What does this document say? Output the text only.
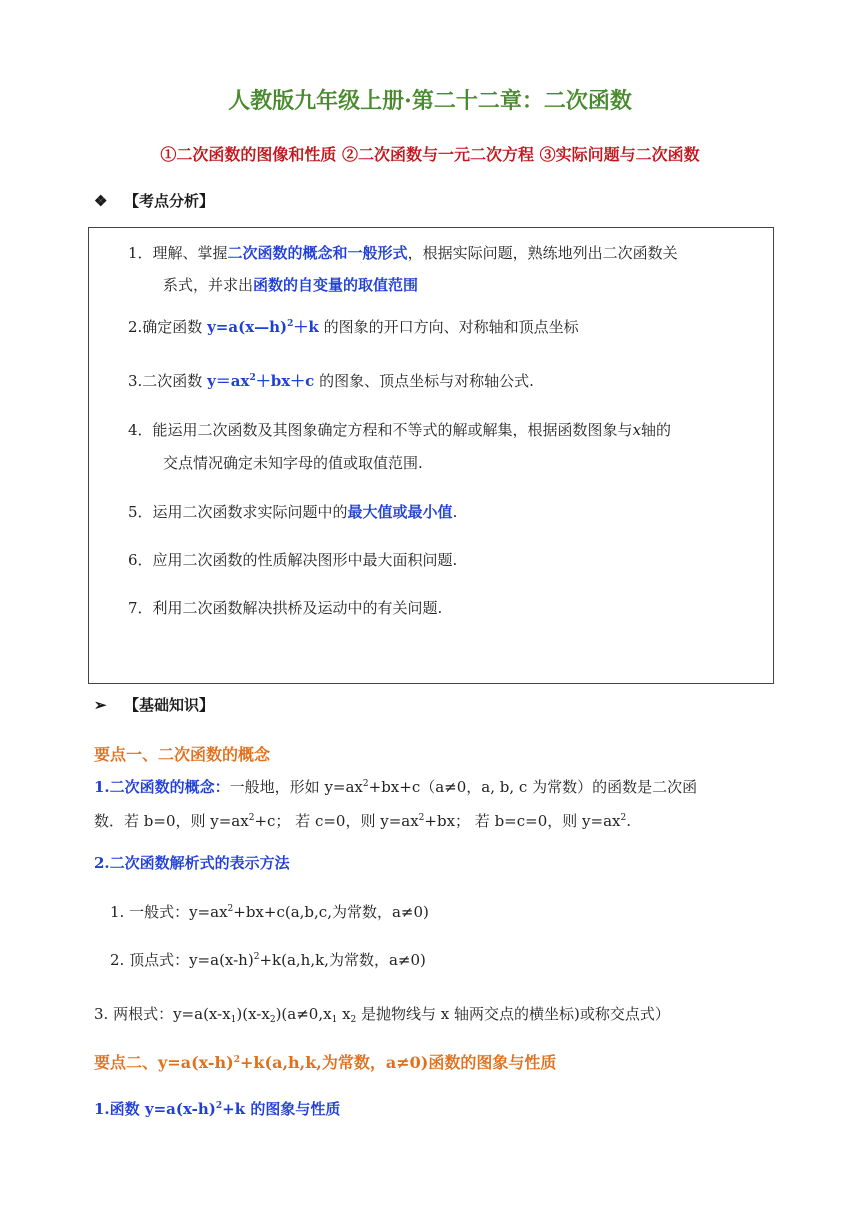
人教版九年级上册·第二十二章：二次函数
①二次函数的图像和性质 ②二次函数与一元二次方程 ③实际问题与二次函数
❖ 【考点分析】
1．理解、掌握二次函数的概念和一般形式，根据实际问题，熟练地列出二次函数关
系式，并求出函数的自变量的取值范围
2.确定函数 y=a(x—h)$^2$＋k 的图象的开口方向、对称轴和顶点坐标
3.二次函数 $y=ax^2+bx+c$ 的图象、顶点坐标与对称轴公式.
4．能运用二次函数及其图象确定方程和不等式的解或解集，根据函数图象与x轴的
交点情况确定未知字母的值或取值范围.
5．运用二次函数求实际问题中的最大值或最小值.
6．应用二次函数的性质解决图形中最大面积问题.
7．利用二次函数解决拱桥及运动中的有关问题.
➢ 【基础知识】
要点一、二次函数的概念
1.二次函数的概念：一般地，形如 $y=ax^2+bx+c(a\ne 0$，a, b, c 为常数）的函数是二次函
数．若 b=0，则 $y=ax^2+c$； 若 c=0，则 $y=ax^2+bx$； 若 b=c=0，则 $y=ax^2$.
2.二次函数解析式的表示方法
1. 一般式：$y=ax^2+bx+c(a,b,c$,为常数，a≠0)
2. 顶点式：$y=a(x-h)^2+k(a,h,k$,为常数，a≠0)
3. 两根式：$y=a(x-x_1)(x-x_2)(a\ne 0,x_1$ $x_2$ 是抛物线与 x 轴两交点的横坐标)或称交点式）
要点二、$y=a(x-h)^2+k(a,h,k$,为常数，a≠0)函数的图象与性质
1.函数 $y=a(x-h)^2+k$ 的图象与性质
